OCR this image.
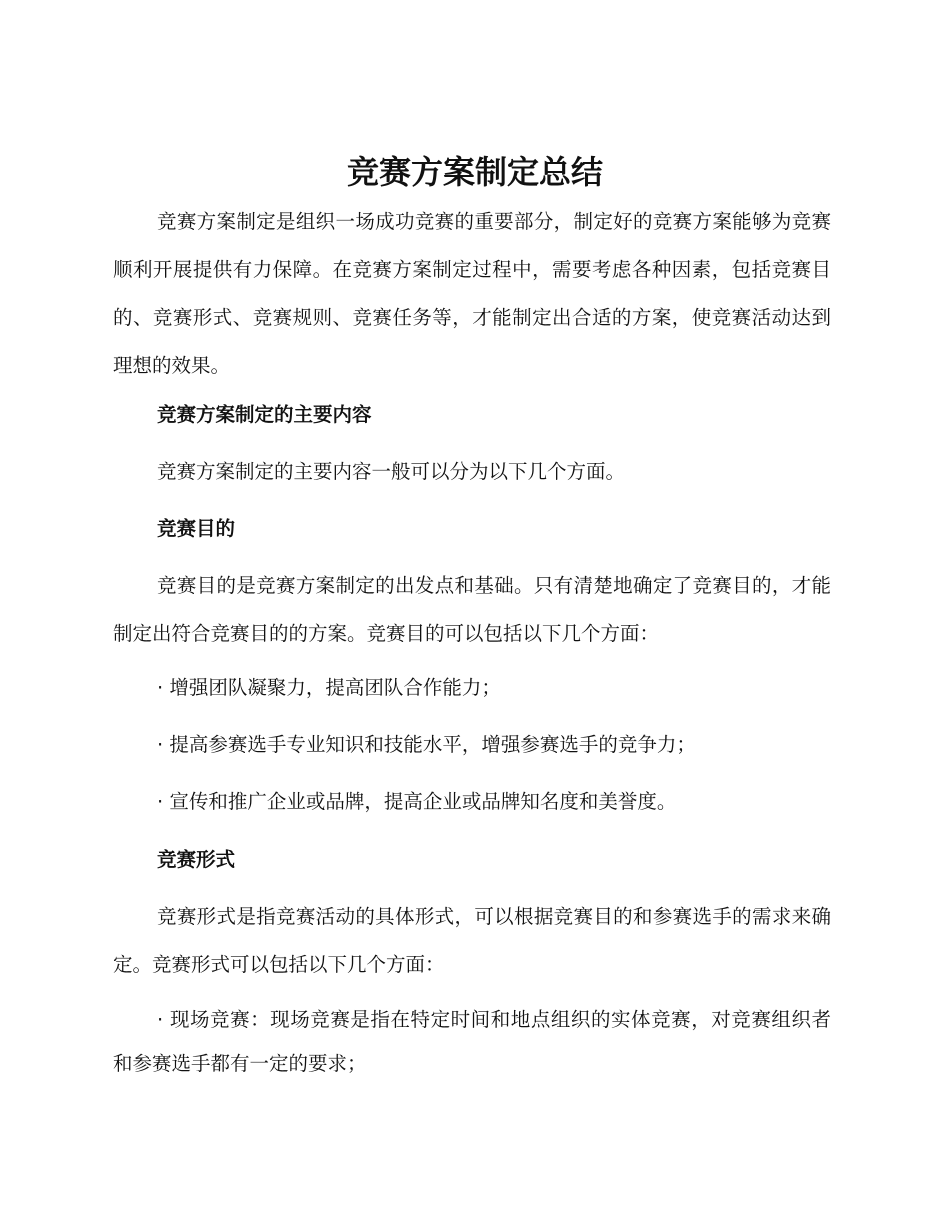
竞赛方案制定总结

竞赛方案制定是组织一场成功竞赛的重要部分，制定好的竞赛方案能够为竞赛顺利开展提供有力保障。在竞赛方案制定过程中，需要考虑各种因素，包括竞赛目的、竞赛形式、竞赛规则、竞赛任务等，才能制定出合适的方案，使竞赛活动达到理想的效果。

竞赛方案制定的主要内容

竞赛方案制定的主要内容一般可以分为以下几个方面。

竞赛目的

竞赛目的是竞赛方案制定的出发点和基础。只有清楚地确定了竞赛目的，才能制定出符合竞赛目的的方案。竞赛目的可以包括以下几个方面：

· 增强团队凝聚力，提高团队合作能力；

· 提高参赛选手专业知识和技能水平，增强参赛选手的竞争力；

· 宣传和推广企业或品牌，提高企业或品牌知名度和美誉度。

竞赛形式

竞赛形式是指竞赛活动的具体形式，可以根据竞赛目的和参赛选手的需求来确定。竞赛形式可以包括以下几个方面：

· 现场竞赛：现场竞赛是指在特定时间和地点组织的实体竞赛，对竞赛组织者和参赛选手都有一定的要求；
